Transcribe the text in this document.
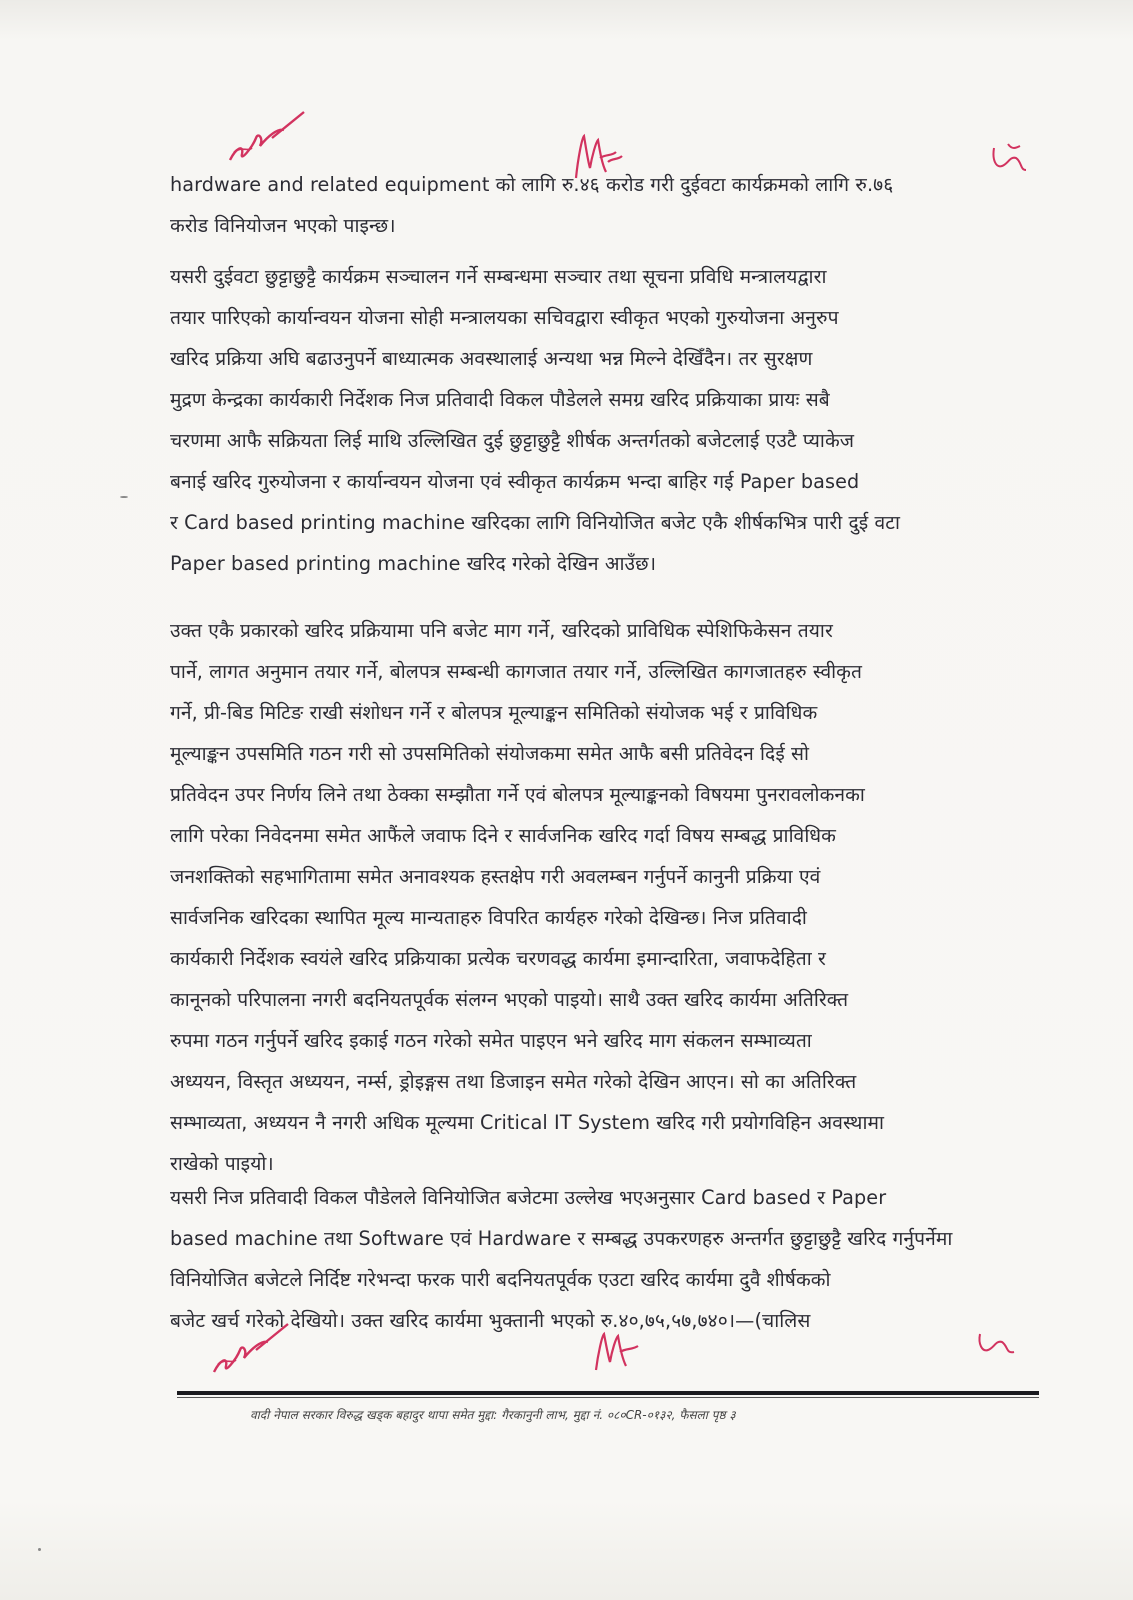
hardware and related equipment को लागि रु.४६ करोड गरी दुईवटा कार्यक्रमको लागि रु.७६
करोड विनियोजन भएको पाइन्छ।
यसरी दुईवटा छुट्टाछुट्टै कार्यक्रम सञ्चालन गर्ने सम्बन्धमा सञ्चार तथा सूचना प्रविधि मन्त्रालयद्वारा
तयार पारिएको कार्यान्वयन योजना सोही मन्त्रालयका सचिवद्वारा स्वीकृत भएको गुरुयोजना अनुरुप
खरिद प्रक्रिया अघि बढाउनुपर्ने बाध्यात्मक अवस्थालाई अन्यथा भन्न मिल्ने देखिँदैन। तर सुरक्षण
मुद्रण केन्द्रका कार्यकारी निर्देशक निज प्रतिवादी विकल पौडेलले समग्र खरिद प्रक्रियाका प्रायः सबै
चरणमा आफै सक्रियता लिई माथि उल्लिखित दुई छुट्टाछुट्टै शीर्षक अन्तर्गतको बजेटलाई एउटै प्याकेज
बनाई खरिद गुरुयोजना र कार्यान्वयन योजना एवं स्वीकृत कार्यक्रम भन्दा बाहिर गई Paper based
र Card based printing machine खरिदका लागि विनियोजित बजेट एकै शीर्षकभित्र पारी दुई वटा
Paper based printing machine खरिद गरेको देखिन आउँछ।
उक्त एकै प्रकारको खरिद प्रक्रियामा पनि बजेट माग गर्ने, खरिदको प्राविधिक स्पेशिफिकेसन तयार
पार्ने, लागत अनुमान तयार गर्ने, बोलपत्र सम्बन्धी कागजात तयार गर्ने, उल्लिखित कागजातहरु स्वीकृत
गर्ने, प्री-बिड मिटिङ राखी संशोधन गर्ने र बोलपत्र मूल्याङ्कन समितिको संयोजक भई र प्राविधिक
मूल्याङ्कन उपसमिति गठन गरी सो उपसमितिको संयोजकमा समेत आफै बसी प्रतिवेदन दिई सो
प्रतिवेदन उपर निर्णय लिने तथा ठेक्का सम्झौता गर्ने एवं बोलपत्र मूल्याङ्कनको विषयमा पुनरावलोकनका
लागि परेका निवेदनमा समेत आफैंले जवाफ दिने र सार्वजनिक खरिद गर्दा विषय सम्बद्ध प्राविधिक
जनशक्तिको सहभागितामा समेत अनावश्यक हस्तक्षेप गरी अवलम्बन गर्नुपर्ने कानुनी प्रक्रिया एवं
सार्वजनिक खरिदका स्थापित मूल्य मान्यताहरु विपरित कार्यहरु गरेको देखिन्छ। निज प्रतिवादी
कार्यकारी निर्देशक स्वयंले खरिद प्रक्रियाका प्रत्येक चरणवद्ध कार्यमा इमान्दारिता, जवाफदेहिता र
कानूनको परिपालना नगरी बदनियतपूर्वक संलग्न भएको पाइयो। साथै उक्त खरिद कार्यमा अतिरिक्त
रुपमा गठन गर्नुपर्ने खरिद इकाई गठन गरेको समेत पाइएन भने खरिद माग संकलन सम्भाव्यता
अध्ययन, विस्तृत अध्ययन, नर्म्स, ड्रोइङ्गस तथा डिजाइन समेत गरेको देखिन आएन। सो का अतिरिक्त
सम्भाव्यता, अध्ययन नै नगरी अधिक मूल्यमा Critical IT System खरिद गरी प्रयोगविहिन अवस्थामा
राखेको पाइयो।
यसरी निज प्रतिवादी विकल पौडेलले विनियोजित बजेटमा उल्लेख भएअनुसार Card based र Paper
based machine तथा Software एवं Hardware र सम्बद्ध उपकरणहरु अन्तर्गत छुट्टाछुट्टै खरिद गर्नुपर्नेमा
विनियोजित बजेटले निर्दिष्ट गरेभन्दा फरक पारी बदनियतपूर्वक एउटा खरिद कार्यमा दुवै शीर्षकको
बजेट खर्च गरेको देखियो। उक्त खरिद कार्यमा भुक्तानी भएको रु.४०,७५,५७,७४०।—(चालिस
वादी नेपाल सरकार विरुद्ध खड्क बहादुर थापा समेत मुद्दा: गैरकानुनी लाभ, मुद्दा नं. ०८०CR-०१३२, फैसला पृष्ठ ३
